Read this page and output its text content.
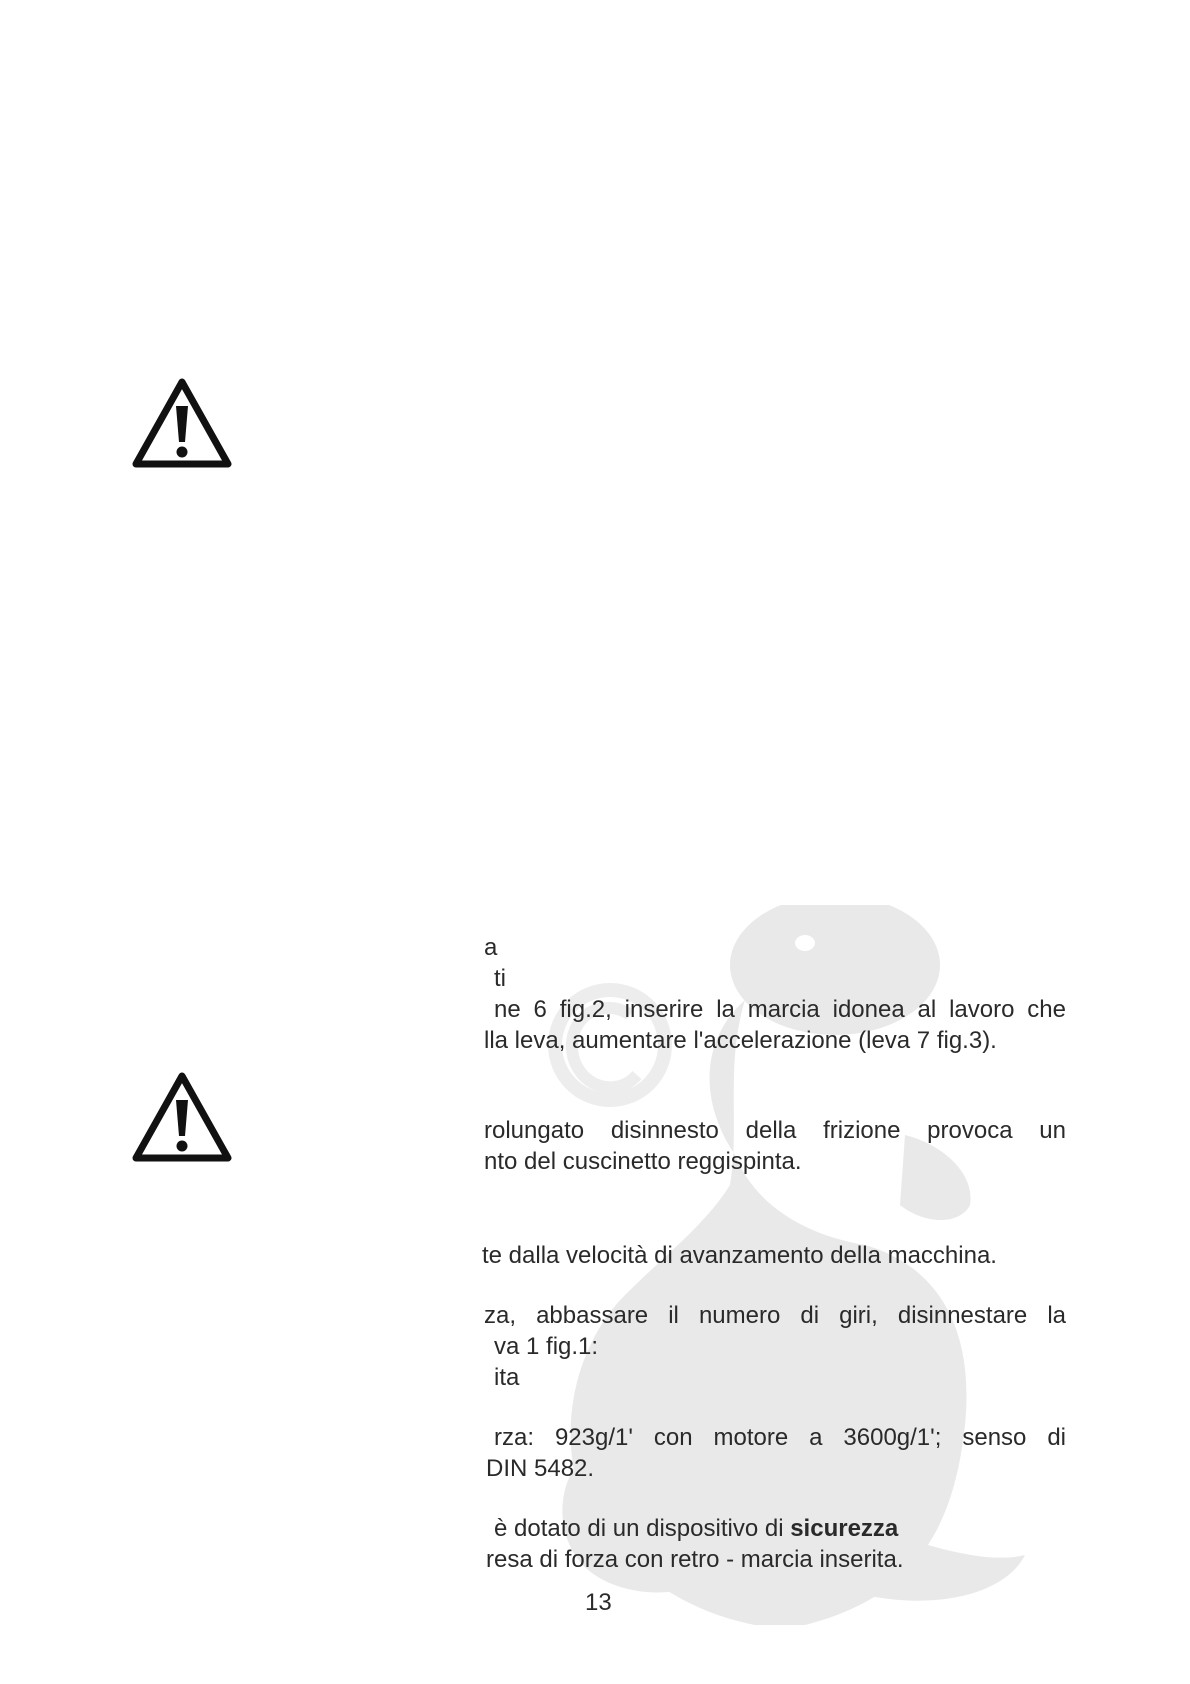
a
ti
ne 6 fig.2, inserire la marcia idonea al lavoro che
lla leva, aumentare l'accelerazione (leva 7 fig.3).
rolungato disinnesto della frizione provoca un
nto del cuscinetto reggispinta.
te dalla velocità di avanzamento della macchina.
za, abbassare il numero di giri, disinnestare la
va 1 fig.1:
ita
rza: 923g/1' con motore a 3600g/1'; senso di
DIN 5482.
è dotato di un dispositivo di sicurezza
resa di forza con retro - marcia inserita.
13
